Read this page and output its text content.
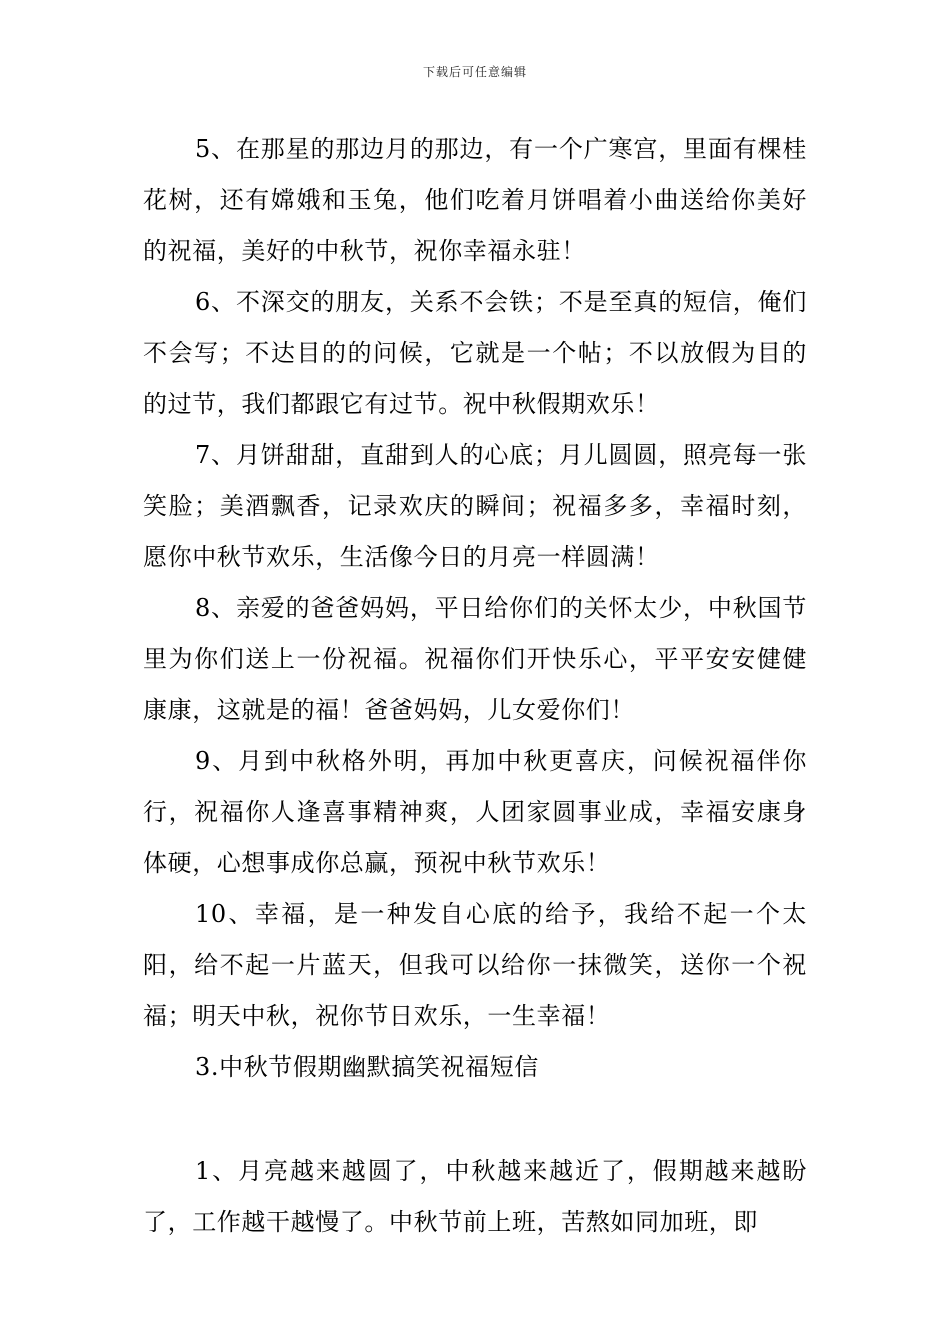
下载后可任意编辑

5、在那星的那边月的那边，有一个广寒宫，里面有棵桂花树，还有嫦娥和玉兔，他们吃着月饼唱着小曲送给你美好的祝福，美好的中秋节，祝你幸福永驻！

6、不深交的朋友，关系不会铁；不是至真的短信，俺们不会写；不达目的的问候，它就是一个帖；不以放假为目的的过节，我们都跟它有过节。祝中秋假期欢乐！

7、月饼甜甜，直甜到人的心底；月儿圆圆，照亮每一张笑脸；美酒飘香，记录欢庆的瞬间；祝福多多，幸福时刻，愿你中秋节欢乐，生活像今日的月亮一样圆满！

8、亲爱的爸爸妈妈，平日给你们的关怀太少，中秋国节里为你们送上一份祝福。祝福你们开快乐心，平平安安健健康康，这就是的福！爸爸妈妈，儿女爱你们！

9、月到中秋格外明，再加中秋更喜庆，问候祝福伴你行，祝福你人逢喜事精神爽，人团家圆事业成，幸福安康身体硬，心想事成你总赢，预祝中秋节欢乐！

10、幸福，是一种发自心底的给予，我给不起一个太阳，给不起一片蓝天，但我可以给你一抹微笑，送你一个祝福；明天中秋，祝你节日欢乐，一生幸福！

3.中秋节假期幽默搞笑祝福短信

1、月亮越来越圆了，中秋越来越近了，假期越来越盼了，工作越干越慢了。中秋节前上班，苦熬如同加班，即
